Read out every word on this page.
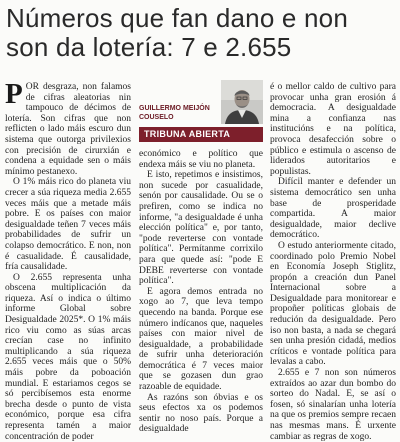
Números que fan dano e non son da lotería: 7 e 2.655

POR desgraza, non falamos de cifras aleatorias nin tampouco de décimos de lotería. Son cifras que non reflicten o lado máis escuro dun sistema que outorga privilexios con precisión de cirurxián e condena a equidade sen o máis mínimo pestanexo.

O 1% máis rico do planeta viu crecer a súa riqueza media 2.655 veces máis que a metade máis pobre. E os países con maior desigualdade teñen 7 veces máis probabilidades de sufrir un colapso democrático. E non, non é casualidade. É causalidade, fría causalidade.

O 2.655 representa unha obscena multiplicación da riqueza. Así o indica o último informe Global sobre Desigualdade 2025*. O 1% máis rico viu como as súas arcas crecían case no infinito multiplicando a súa riqueza 2.655 veces máis que o 50% máis pobre da poboación mundial. E estariamos cegos se só percibísemos esta enorme brecha desde o punto de vista económico, porque esa cifra representa tamén a maior concentración de poder

GUILLERMO MEIJÓN COUSELO
TRIBUNA ABIERTA

económico e político que endexa máis se viu no planeta.

E isto, repetimos e insistimos, non sucede por casualidade, senón por causalidade. Ou se o prefiren, como se indica no informe, "a desigualdade é unha elección política" e, por tanto, "pode reverterse con vontade política". Permítanme corrixilo para que quede así: "pode E DEBE reverterse con vontade política".

E agora demos entrada no xogo ao 7, que leva tempo quecendo na banda. Porque ese número indícanos que, naqueles países con maior nivel de desigualdade, a probabilidade de sufrir unha deterioración democrática é 7 veces maior que se gozasen dun grao razoable de equidade.

As razóns son óbvias e os seus efectos xa os podemos sentir no noso país. Porque a desigualdade

é o mellor caldo de cultivo para provocar unha gran erosión á democracia. A desigualdade mina a confianza nas institucións e na política, provoca desafección sobre o público e estimula o ascenso de liderados autoritarios e populistas.

Difícil manter e defender un sistema democrático sen unha base de prosperidade compartida. A maior desigualdade, maior declive democrático.

O estudo anteriormente citado, coordinado polo Premio Nobel en Economía Joseph Stiglitz, propón a creación dun Panel Internacional sobre a Desigualdade para monitorear e propoñer políticas globais de redución da desigualdade. Pero iso non basta, a nada se chegará sen unha presión cidadá, medios críticos e vontade política para levalas a cabo.

2.655 e 7 non son números extraídos ao azar dun bombo do sorteo do Nadal. E, se así o fosen, só sinalarían unha lotería na que os premios sempre recaen nas mesmas mans. É urxente cambiar as regras de xogo.
